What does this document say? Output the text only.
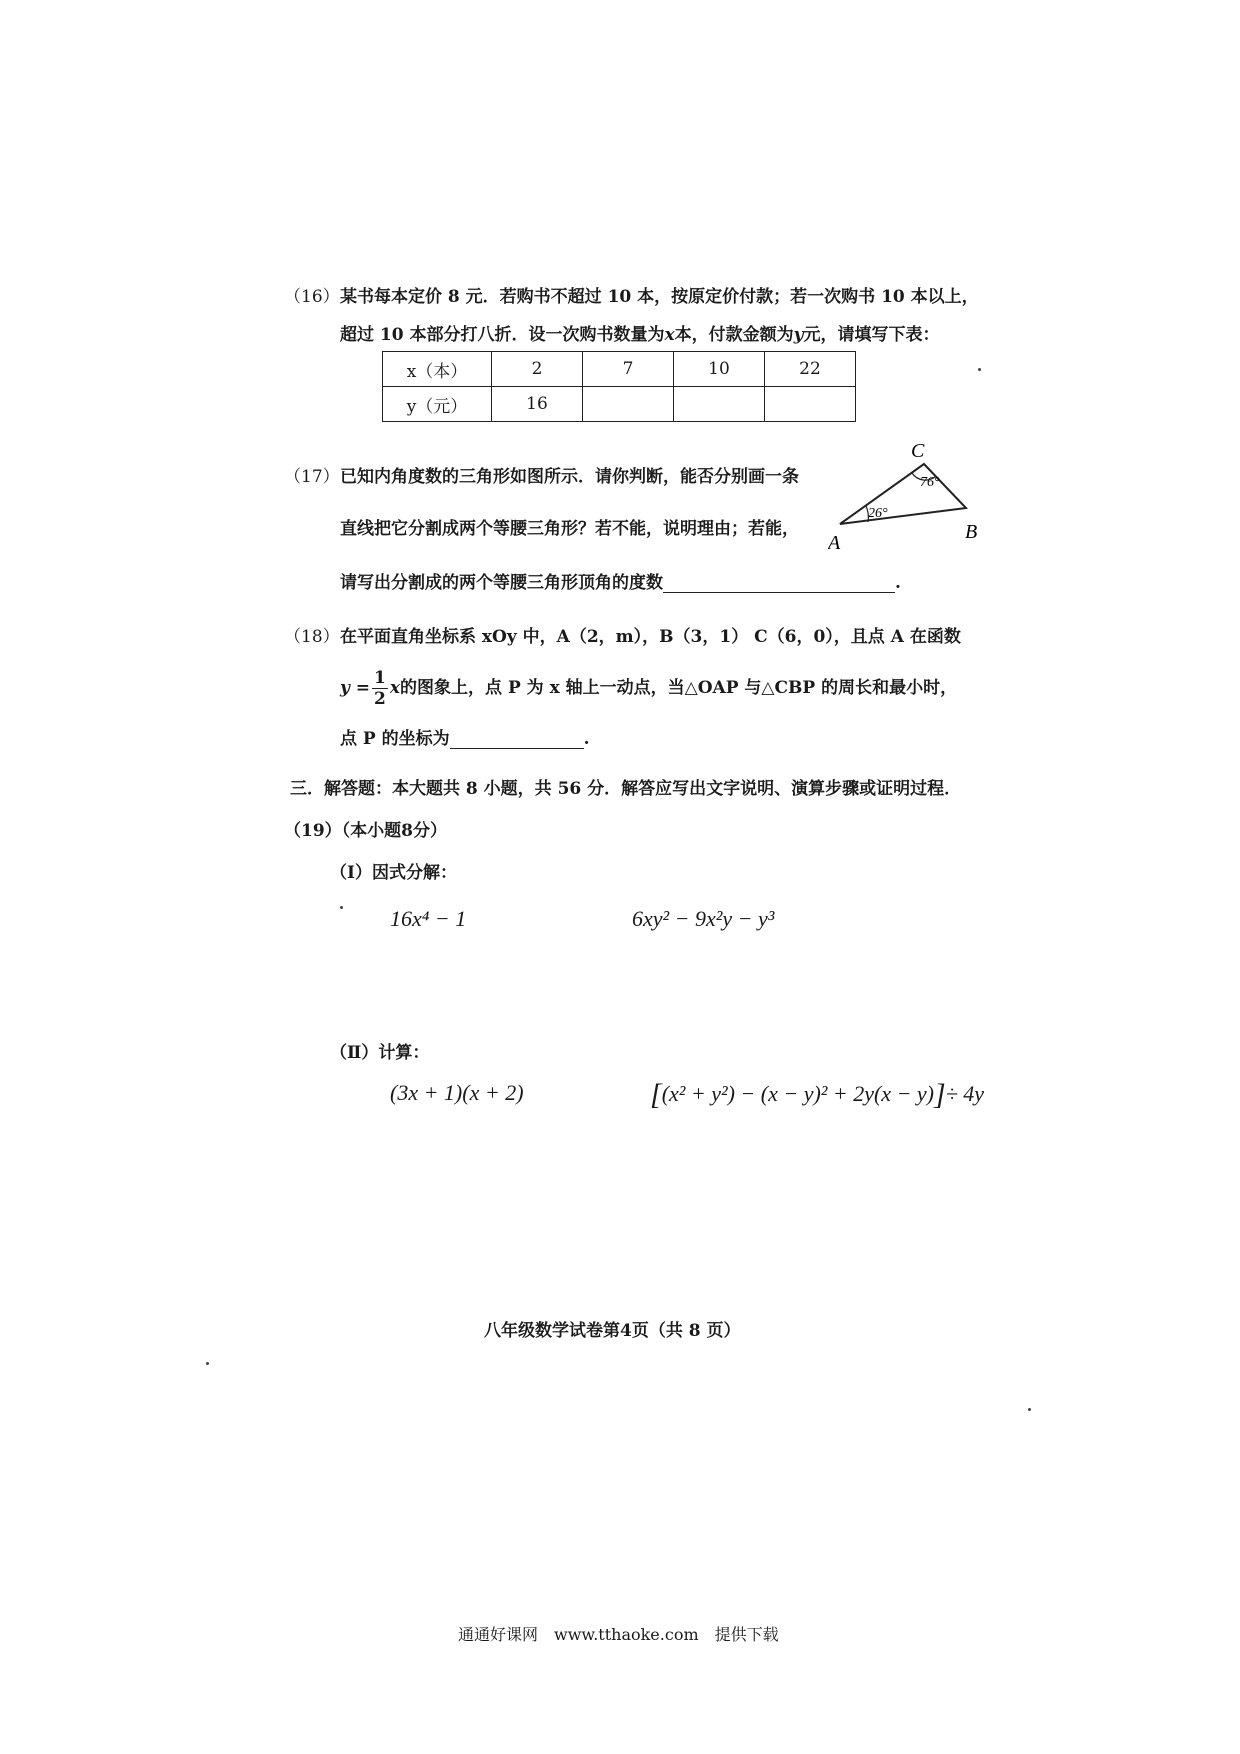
（16） 某书每本定价 8 元．若购书不超过 10 本，按原定价付款；若一次购书 10 本以上，
超过 10 本部分打八折．设一次购书数量为x本，付款金额为y元，请填写下表：
x（本）	2	7	10	22
y（元）	16			
（17） 已知内角度数的三角形如图所示．请你判断，能否分别画一条
直线把它分割成两个等腰三角形？若不能，说明理由；若能，
请写出分割成的两个等腰三角形顶角的度数	.
C
B
A
76°
26°
（18） 在平面直角坐标系 xOy 中，A（2，m），B（3，1） C（6，0），且点 A 在函数
$y = \frac{1}{2}$ x的图象上，点 P 为 x 轴上一动点，当△OAP 与△CBP 的周长和最小时，
点 P 的坐标为	.
三．解答题：本大题共 8 小题，共 56 分．解答应写出文字说明、演算步骤或证明过程．
（19）（本小题8分）
（Ⅰ）因式分解：
16x⁴ − 1	6xy² − 9x²y − y³
（Ⅱ）计算：
(3x + 1)(x + 2)	[(x² + y²) − (x − y)² + 2y(x − y)]÷ 4y
八年级数学试卷第4页（共 8 页）
通通好课网　www.tthaoke.com　提供下载
